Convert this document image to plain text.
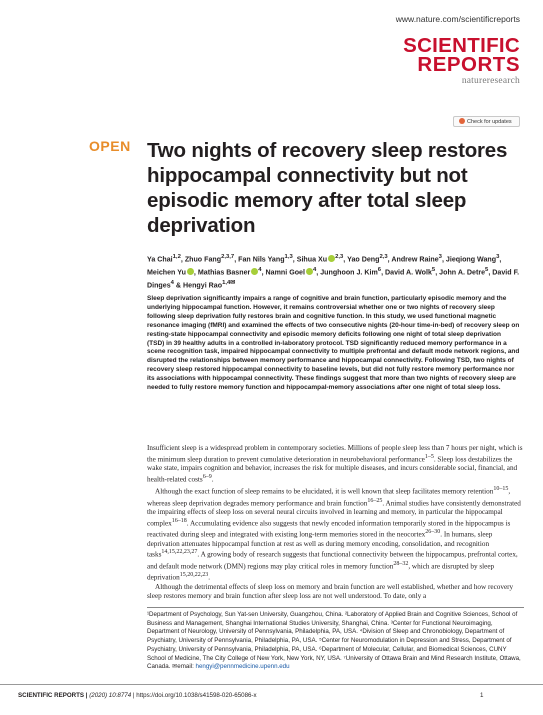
www.nature.com/scientificreports
SCIENTIFIC
REPORTS
natureresearch
Check for updates
OPEN Two nights of recovery sleep restores hippocampal connectivity but not episodic memory after total sleep deprivation
Ya Chai$^{1,2}$, Zhuo Fang$^{2,3,7}$, Fan Nils Yang$^{1,3}$, Sihua Xu $^{2,3}$, Yao Deng$^{2,3}$, Andrew Raine$^3$, Jieqiong Wang$^3$, Meichen Yu , Mathias Basner $^4$, Namni Goel $^4$, Junghoon J. Kim$^6$, David A. Wolk$^5$, John A. Detre$^5$, David F. Dinges$^4$ & Hengyi Rao$^{1,4✉}$
Sleep deprivation significantly impairs a range of cognitive and brain function, particularly episodic memory and the underlying hippocampal function. However, it remains controversial whether one or two nights of recovery sleep following sleep deprivation fully restores brain and cognitive function. In this study, we used functional magnetic resonance imaging (fMRI) and examined the effects of two consecutive nights (20-hour time-in-bed) of recovery sleep on resting-state hippocampal connectivity and episodic memory deficits following one night of total sleep deprivation (TSD) in 39 healthy adults in a controlled in-laboratory protocol. TSD significantly reduced memory performance in a scene recognition task, impaired hippocampal connectivity to multiple prefrontal and default mode network regions, and disrupted the relationships between memory performance and hippocampal connectivity. Following TSD, two nights of recovery sleep restored hippocampal connectivity to baseline levels, but did not fully restore memory performance nor its associations with hippocampal connectivity. These findings suggest that more than two nights of recovery sleep are needed to fully restore memory function and hippocampal-memory associations after one night of total sleep loss.

Insufficient sleep is a widespread problem in contemporary societies. Millions of people sleep less than 7 hours per night, which is the minimum sleep duration to prevent cumulative deterioration in neurobehavioral performance$^{1-5}$. Sleep loss destabilizes the wake state, impairs cognition and behavior, increases the risk for multiple diseases, and incurs considerable social, financial, and health-related costs$^{6-9}$.

Although the exact function of sleep remains to be elucidated, it is well known that sleep facilitates memory retention$^{10-15}$, whereas sleep deprivation degrades memory performance and brain function$^{16-25}$. Animal studies have consistently demonstrated the impairing effects of sleep loss on several neural circuits involved in learning and memory, in particular the hippocampal complex$^{16-18}$. Accumulating evidence also suggests that newly encoded information temporarily stored in the hippocampus is reactivated during sleep and integrated with existing long-term memories stored in the neocortex$^{26-30}$. In humans, sleep deprivation attenuates hippocampal function at rest as well as during memory encoding, consolidation, and recognition tasks$^{14,15,22,23,27}$. A growing body of research suggests that functional connectivity between the hippocampus, prefrontal cortex, and default mode network (DMN) regions may play critical roles in memory function$^{28-32}$, which are disrupted by sleep deprivation$^{15,20,22,23}$.

Although the detrimental effects of sleep loss on memory and brain function are well established, whether and how recovery sleep restores memory and brain function after sleep loss are not well understood. To date, only a

¹Department of Psychology, Sun Yat-sen University, Guangzhou, China. ²Laboratory of Applied Brain and Cognitive Sciences, School of Business and Management, Shanghai International Studies University, Shanghai, China. ³Center for Functional Neuroimaging, Department of Neurology, University of Pennsylvania, Philadelphia, PA, USA. ⁴Division of Sleep and Chronobiology, Department of Psychiatry, University of Pennsylvania, Philadelphia, PA, USA. ⁵Center for Neuromodulation in Depression and Stress, Department of Psychiatry, University of Pennsylvania, Philadelphia, PA, USA. ⁶Department of Molecular, Cellular, and Biomedical Sciences, CUNY School of Medicine, The City College of New York, New York, NY, USA. ⁷University of Ottawa Brain and Mind Research Institute, Ottawa, Canada. ✉email: hengyi@pennmedicine.upenn.edu
SCIENTIFIC REPORTS | (2020) 10:8774 | https://doi.org/10.1038/s41598-020-65086-x	1
